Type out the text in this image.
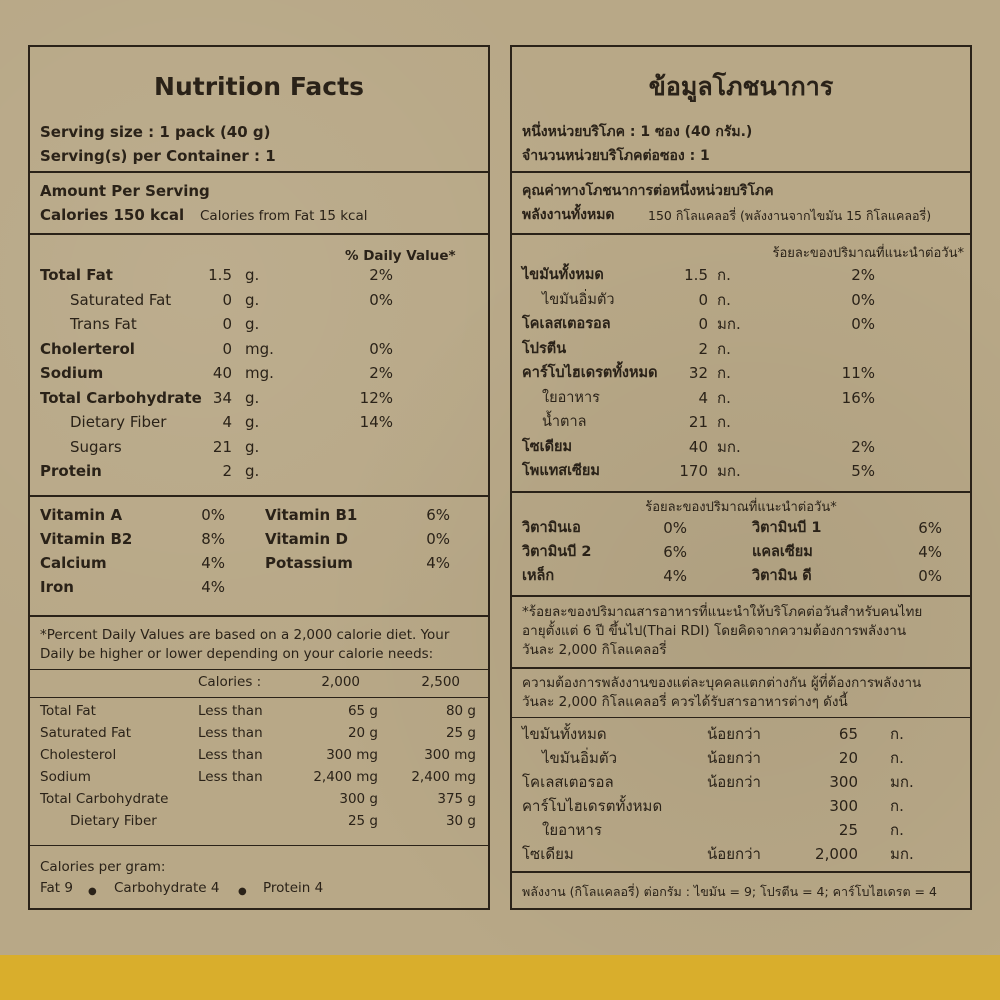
Nutrition Facts
Serving size : 1 pack (40 g)
Serving(s) per Container : 1
Amount Per Serving
Calories 150 kcal Calories from Fat 15 kcal
% Daily Value*
Total Fat	1.5 g.	2%
Saturated Fat	0 g.	0%
Trans Fat	0 g.
Cholerterol	0 mg.	0%
Sodium	40 mg.	2%
Total Carbohydrate 34 g.	12%
Dietary Fiber	4 g.	14%
Sugars	21 g.
Protein	2 g.
Vitamin A	0%	Vitamin B1	6%
Vitamin B2	8%	Vitamin D	0%
Calcium	4%	Potassium	4%
Iron	4%
*Percent Daily Values are based on a 2,000 calorie diet. Your
Daily be higher or lower depending on your calorie needs:
Calories :	2,000	2,500
Total Fat	Less than	65 g	80 g
Saturated Fat	Less than	20 g	25 g
Cholesterol	Less than	300 mg	300 mg
Sodium	Less than	2,400 mg	2,400 mg
Total Carbohydrate	300 g	375 g
Dietary Fiber	25 g	30 g
Calories per gram:
Fat 9 ● Carbohydrate 4 ● Protein 4
ข้อมูลโภชนาการ
หนึ่งหน่วยบริโภค : 1 ซอง (40 กรัม.)
จำนวนหน่วยบริโภคต่อซอง : 1
คุณค่าทางโภชนาการต่อหนึ่งหน่วยบริโภค
พลังงานทั้งหมด	150 กิโลแคลอรี่ (พลังงานจากไขมัน 15 กิโลแคลอรี่)
ร้อยละของปริมาณที่แนะนำต่อวัน*
ไขมันทั้งหมด	1.5 ก.	2%
ไขมันอิ่มตัว	0 ก.	0%
โคเลสเตอรอล	0 มก.	0%
โปรตีน	2 ก.
คาร์โบไฮเดรตทั้งหมด	32 ก.	11%
ใยอาหาร	4 ก.	16%
น้ำตาล	21 ก.
โซเดียม	40 มก.	2%
โพแทสเซียม	170 มก.	5%
ร้อยละของปริมาณที่แนะนำต่อวัน*
วิตามินเอ	0%	วิตามินบี 1	6%
วิตามินบี 2	6%	แคลเซียม	4%
เหล็ก	4%	วิตามิน ดี	0%
*ร้อยละของปริมาณสารอาหารที่แนะนำให้บริโภคต่อวันสำหรับคนไทย
อายุตั้งแต่ 6 ปี ขึ้นไป(Thai RDI) โดยคิดจากความต้องการพลังงาน
วันละ 2,000 กิโลแคลอรี่
ความต้องการพลังงานของแต่ละบุคคลแตกต่างกัน ผู้ที่ต้องการพลังงาน
วันละ 2,000 กิโลแคลอรี่ ควรได้รับสารอาหารต่างๆ ดังนี้
ไขมันทั้งหมด	น้อยกว่า	65 ก.
ไขมันอิ่มตัว	น้อยกว่า	20 ก.
โคเลสเตอรอล	น้อยกว่า	300 มก.
คาร์โบไฮเดรตทั้งหมด	300 ก.
ใยอาหาร	25 ก.
โซเดียม	น้อยกว่า	2,000 มก.
พลังงาน (กิโลแคลอรี่) ต่อกรัม : ไขมัน = 9; โปรตีน = 4; คาร์โบไฮเดรต = 4
